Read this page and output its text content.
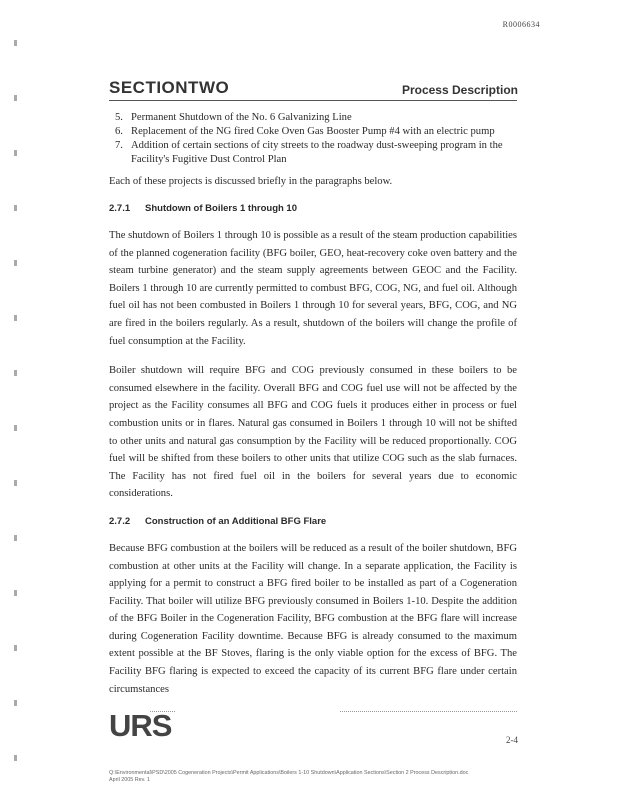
R0006634
SECTIONTWO	Process Description
5. Permanent Shutdown of the No. 6 Galvanizing Line
6. Replacement of the NG fired Coke Oven Gas Booster Pump #4 with an electric pump
7. Addition of certain sections of city streets to the roadway dust-sweeping program in the Facility's Fugitive Dust Control Plan

Each of these projects is discussed briefly in the paragraphs below.

2.7.1 Shutdown of Boilers 1 through 10

The shutdown of Boilers 1 through 10 is possible as a result of the steam production capabilities of the planned cogeneration facility (BFG boiler, GEO, heat-recovery coke oven battery and the steam turbine generator) and the steam supply agreements between GEOC and the Facility. Boilers 1 through 10 are currently permitted to combust BFG, COG, NG, and fuel oil. Although fuel oil has not been combusted in Boilers 1 through 10 for several years, BFG, COG, and NG are fired in the boilers regularly. As a result, shutdown of the boilers will change the profile of fuel consumption at the Facility.

Boiler shutdown will require BFG and COG previously consumed in these boilers to be consumed elsewhere in the facility. Overall BFG and COG fuel use will not be affected by the project as the Facility consumes all BFG and COG fuels it produces either in process or fuel combustion units or in flares. Natural gas consumed in Boilers 1 through 10 will not be shifted to other units and natural gas consumption by the Facility will be reduced proportionally. COG fuel will be shifted from these boilers to other units that utilize COG such as the slab furnaces. The Facility has not fired fuel oil in the boilers for several years due to economic considerations.

2.7.2 Construction of an Additional BFG Flare

Because BFG combustion at the boilers will be reduced as a result of the boiler shutdown, BFG combustion at other units at the Facility will change. In a separate application, the Facility is applying for a permit to construct a BFG fired boiler to be installed as part of a Cogeneration Facility. That boiler will utilize BFG previously consumed in Boilers 1-10. Despite the addition of the BFG Boiler in the Cogeneration Facility, BFG combustion at the BFG flare will increase during Cogeneration Facility downtime. Because BFG is already consumed to the maximum extent possible at the BF Stoves, flaring is the only viable option for the excess of BFG. The Facility BFG flaring is expected to exceed the capacity of its current BFG flare under certain circumstances

URS	2-4
Q:\Environmental\PSD\2005 Cogeneration Projects\Permit Applications\Boilers 1-10 Shutdown\Application Sections\Section 2 Process Description.doc
April 2005 Rev. 1
